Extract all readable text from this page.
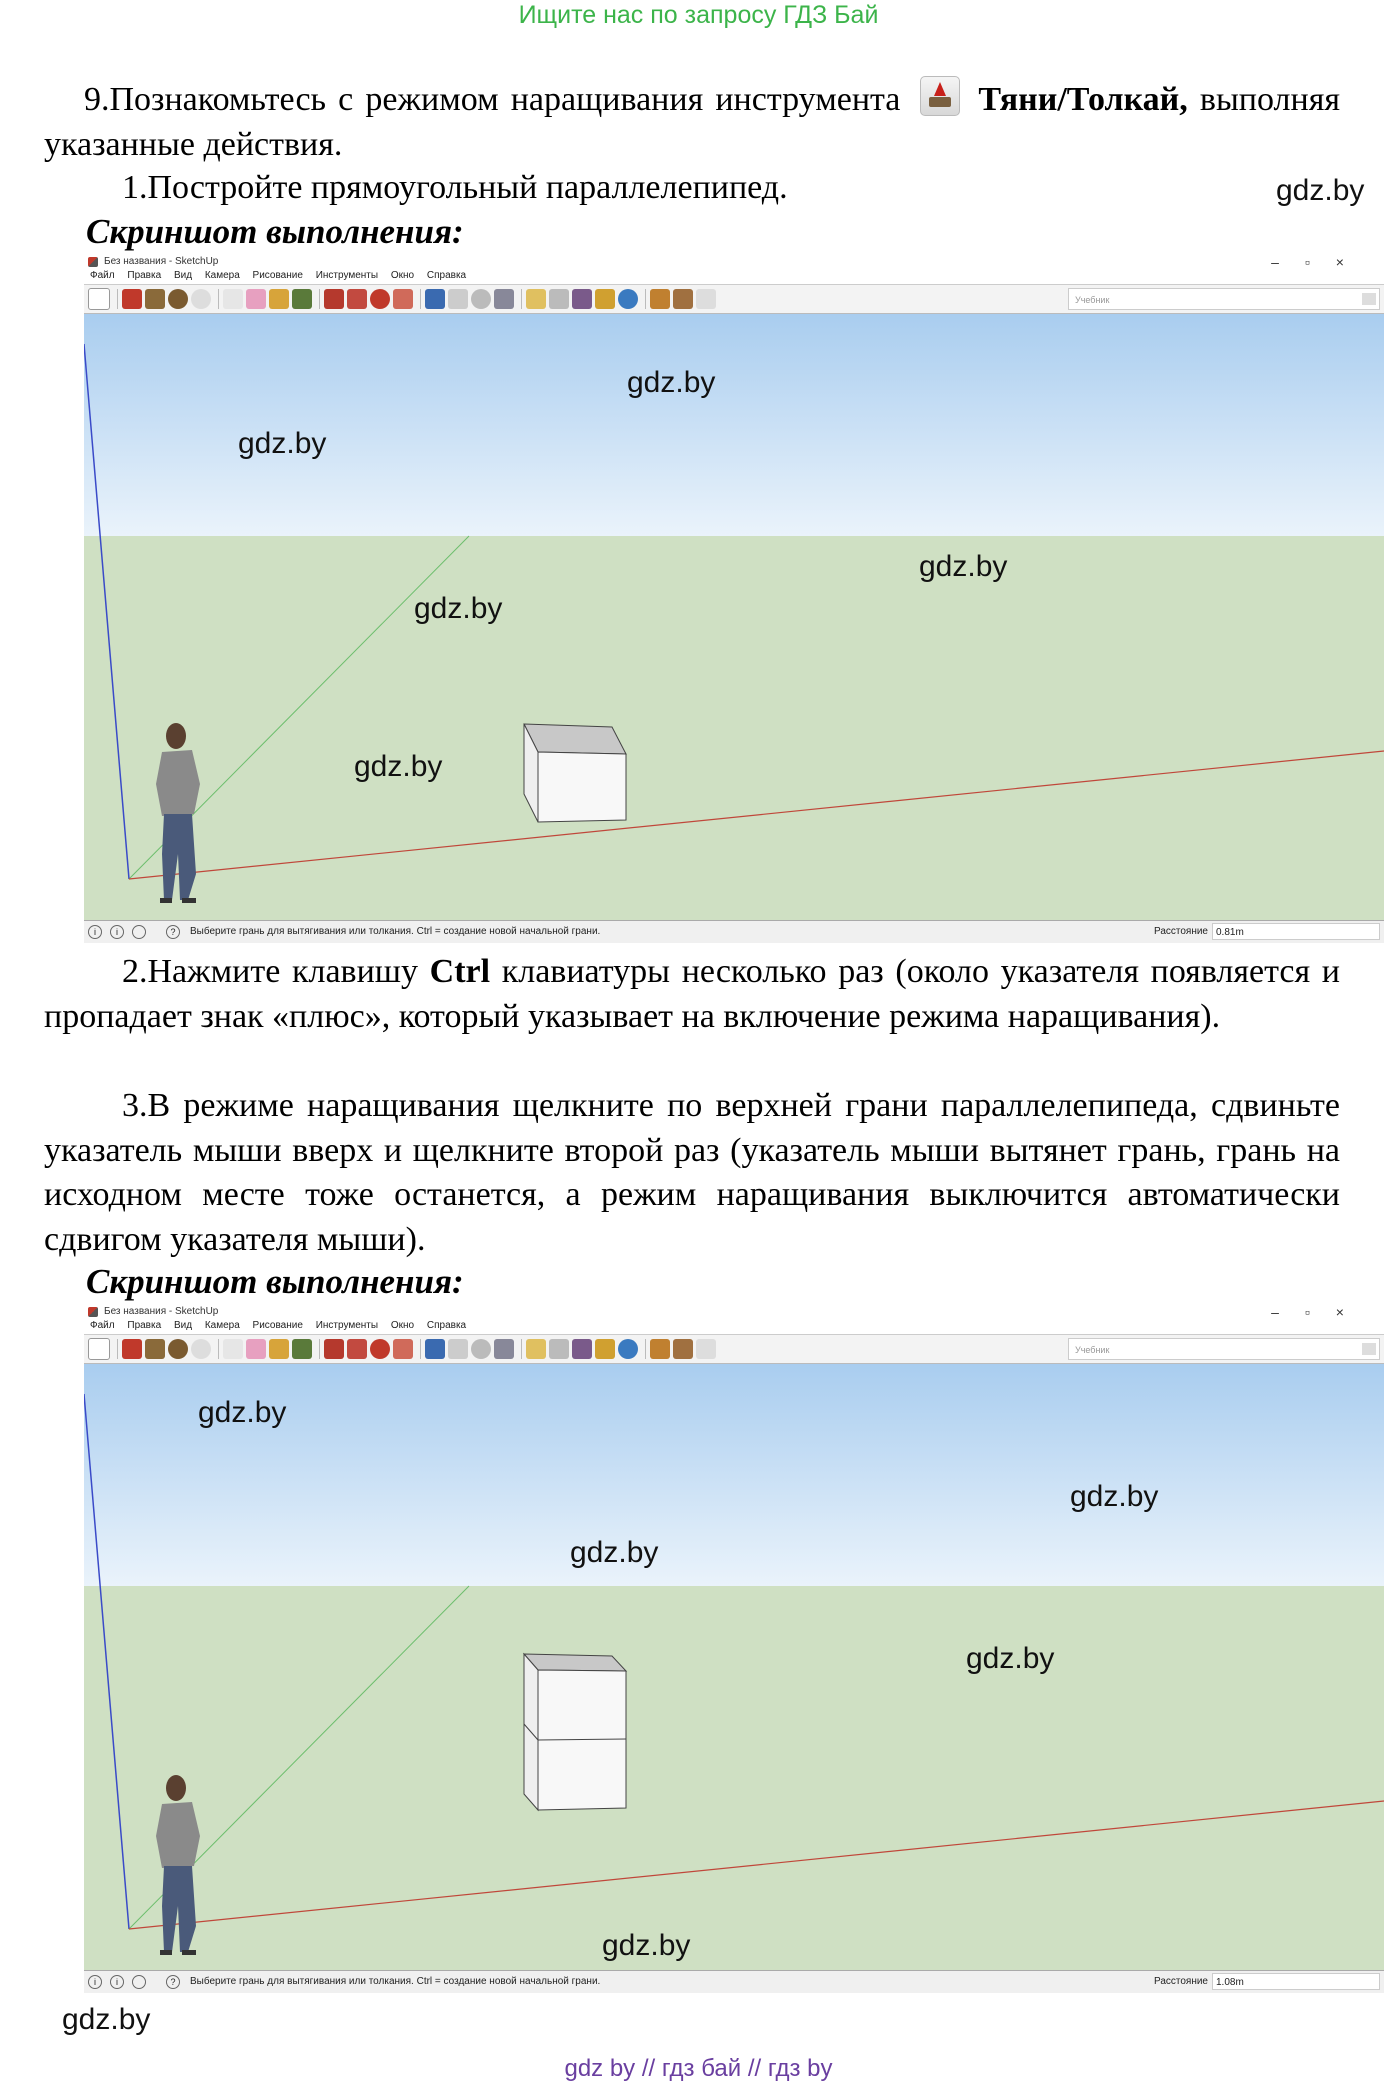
Ищите нас по запросу ГДЗ Бай

9.Познакомьтесь с режимом наращивания инструмента Тяни/Толкай, выполняя указанные действия.

1.Постройте прямоугольный параллелепипед.	gdz.by
Скриншот выполнения:
Без названия - SketchUp	–▫×
Файл Правка Вид Камера Рисование Инструменты Окно Справка
Учебник
gdz.by
gdz.by
gdz.by
gdz.by
gdz.by
i	i	?	Выберите грань для вытягивания или толкания. Ctrl = создание новой начальной грани.	Расстояние 0.81m
2.Нажмите клавишу Ctrl клавиатуры несколько раз (около указателя появляется и пропадает знак «плюс», который указывает на включение режима наращивания).
3.В режиме наращивания щелкните по верхней грани параллелепипеда, сдвиньте указатель мыши вверх и щелкните второй раз (указатель мыши вытянет грань, грань на исходном месте тоже останется, а режим наращивания выключится автоматически сдвигом указателя мыши).
Скриншот выполнения:
Без названия - SketchUp	–▫×
Файл Правка Вид Камера Рисование Инструменты Окно Справка
Учебник
gdz.by
gdz.by
gdz.by
gdz.by
gdz.by
i	i	?	Выберите грань для вытягивания или толкания. Ctrl = создание новой начальной грани.	Расстояние 1.08m
gdz.by
gdz by // гдз бай // гдз by
